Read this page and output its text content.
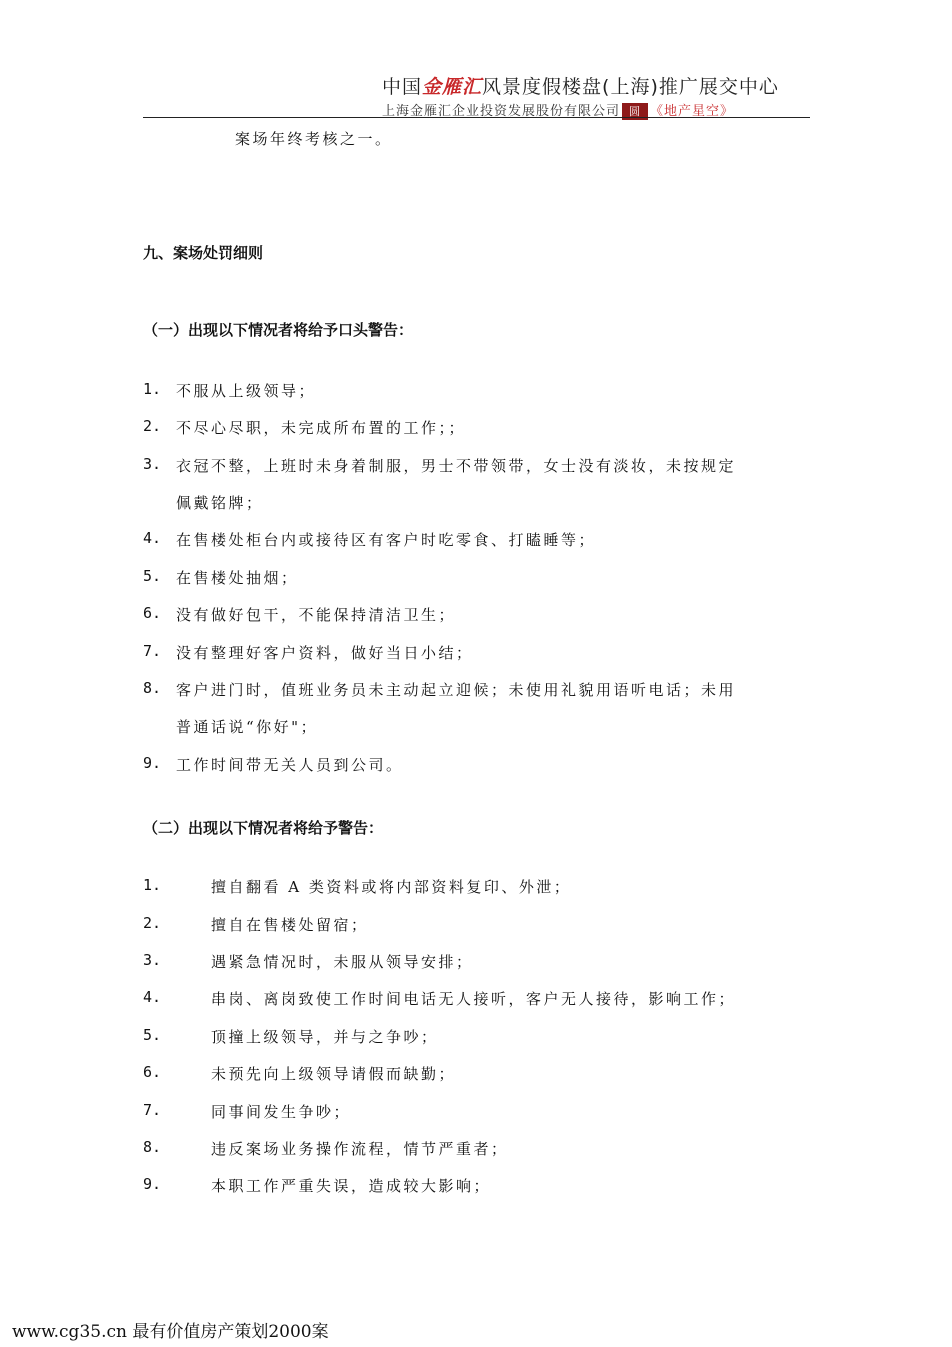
中国金雁汇风景度假楼盘(上海)推广展交中心
上海金雁汇企业投资发展股份有限公司 圆 《地产星空》
案场年终考核之一。
九、案场处罚细则
（一）出现以下情况者将给予口头警告：
1. 不服从上级领导；
2. 不尽心尽职，未完成所布置的工作；；
3. 衣冠不整，上班时未身着制服，男士不带领带，女士没有淡妆，未按规定
佩戴铭牌；
4. 在售楼处柜台内或接待区有客户时吃零食、打瞌睡等；
5. 在售楼处抽烟；
6. 没有做好包干，不能保持清洁卫生；
7. 没有整理好客户资料，做好当日小结；
8. 客户进门时，值班业务员未主动起立迎候；未使用礼貌用语听电话；未用
普通话说“你好"；
9. 工作时间带无关人员到公司。
（二）出现以下情况者将给予警告：
1.	擅自翻看 A 类资料或将内部资料复印、外泄；
2.	擅自在售楼处留宿；
3.	遇紧急情况时，未服从领导安排；
4.	串岗、离岗致使工作时间电话无人接听，客户无人接待，影响工作；
5.	顶撞上级领导，并与之争吵；
6.	未预先向上级领导请假而缺勤；
7.	同事间发生争吵；
8.	违反案场业务操作流程，情节严重者；
9.	本职工作严重失误，造成较大影响；
www.cg35.cn 最有价值房产策划2000案
